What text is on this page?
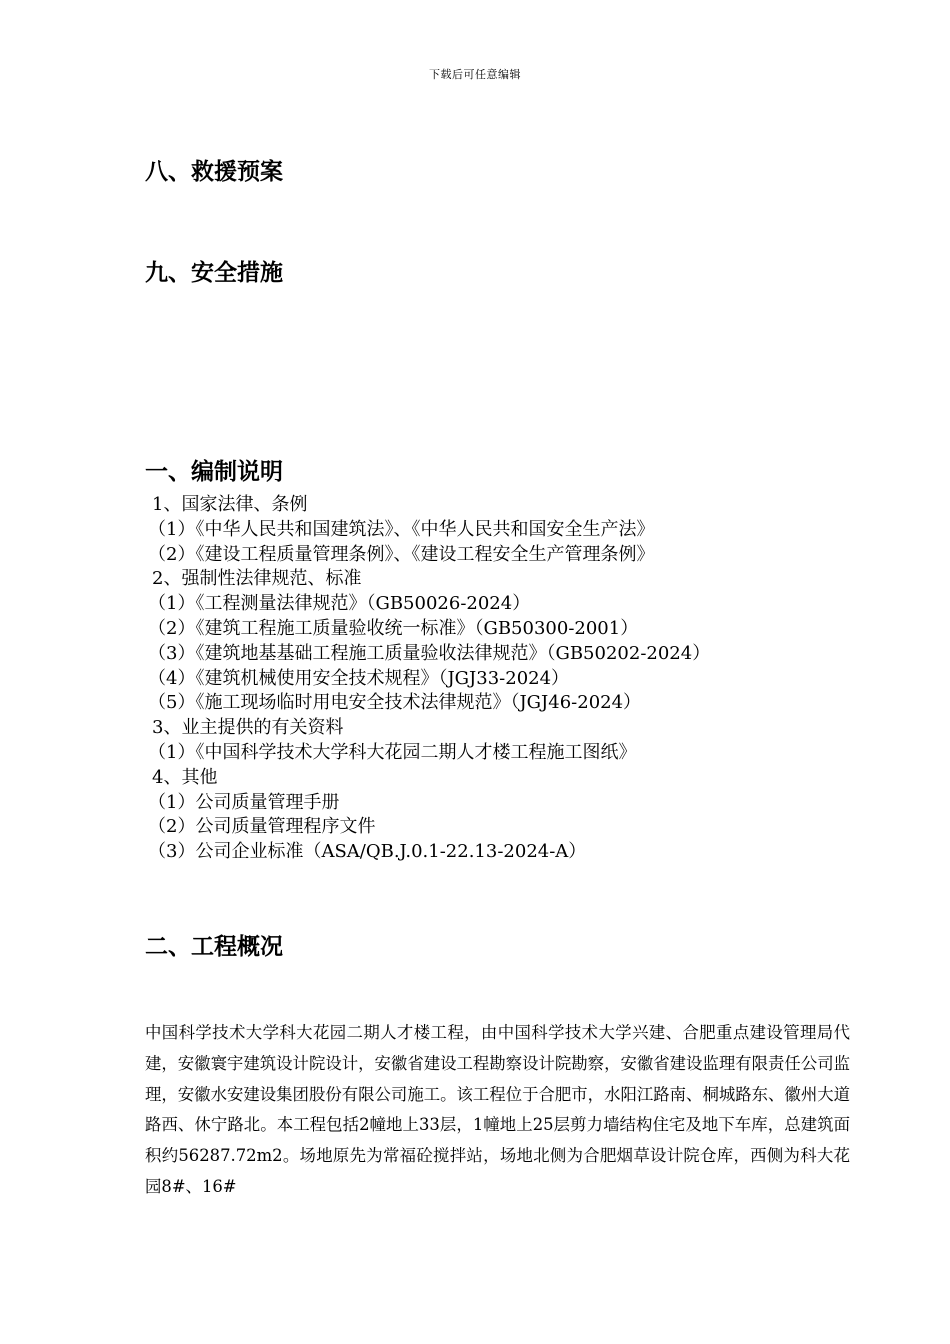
下载后可任意编辑
八、救援预案
九、安全措施
一、编制说明
1、国家法律、条例
（1）《中华人民共和国建筑法》、《中华人民共和国安全生产法》
（2）《建设工程质量管理条例》、《建设工程安全生产管理条例》
2、强制性法律规范、标准
（1）《工程测量法律规范》（GB50026-2024）
（2）《建筑工程施工质量验收统一标准》（GB50300-2001）
（3）《建筑地基基础工程施工质量验收法律规范》（GB50202-2024）
（4）《建筑机械使用安全技术规程》（JGJ33-2024）
（5）《施工现场临时用电安全技术法律规范》（JGJ46-2024）
3、业主提供的有关资料
（1）《中国科学技术大学科大花园二期人才楼工程施工图纸》
4、其他
（1）公司质量管理手册
（2）公司质量管理程序文件
（3）公司企业标准（ASA/QB.J.0.1-22.13-2024-A）
二、工程概况

中国科学技术大学科大花园二期人才楼工程，由中国科学技术大学兴建、合肥重点建设管理局代建，安徽寰宇建筑设计院设计，安徽省建设工程勘察设计院勘察，安徽省建设监理有限责任公司监理，安徽水安建设集团股份有限公司施工。该工程位于合肥市，水阳江路南、桐城路东、徽州大道路西、休宁路北。本工程包括2幢地上33层，1幢地上25层剪力墙结构住宅及地下车库，总建筑面积约56287.72m2。场地原先为常福砼搅拌站，场地北侧为合肥烟草设计院仓库，西侧为科大花园8#、16#
